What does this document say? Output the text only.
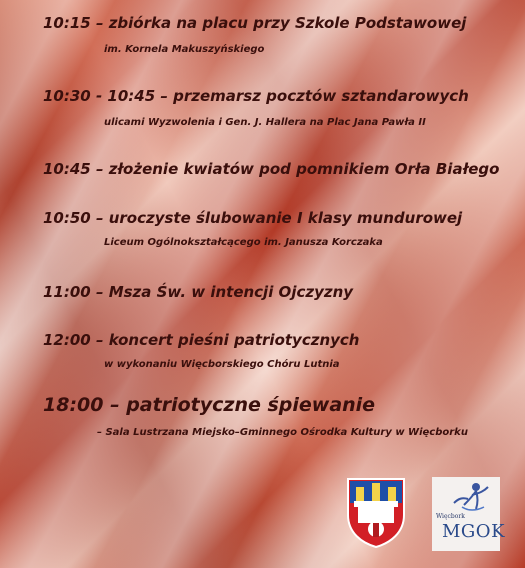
10:15 – zbiórka na placu przy Szkole Podstawowej
im. Kornela Makuszyńskiego
10:30 - 10:45 – przemarsz pocztów sztandarowych
ulicami Wyzwolenia i Gen. J. Hallera na Plac Jana Pawła II
10:45 – złożenie kwiatów pod pomnikiem Orła Białego
10:50 – uroczyste ślubowanie I klasy mundurowej
Liceum Ogólnokształcącego im. Janusza Korczaka
11:00 – Msza Św. w intencji Ojczyzny
12:00 – koncert pieśni patriotycznych
w wykonaniu Więcborskiego Chóru Lutnia
18:00 – patriotyczne śpiewanie
– Sala Lustrzana Miejsko–Gminnego Ośrodka Kultury w Więcborku
Więcbork
MGOK
